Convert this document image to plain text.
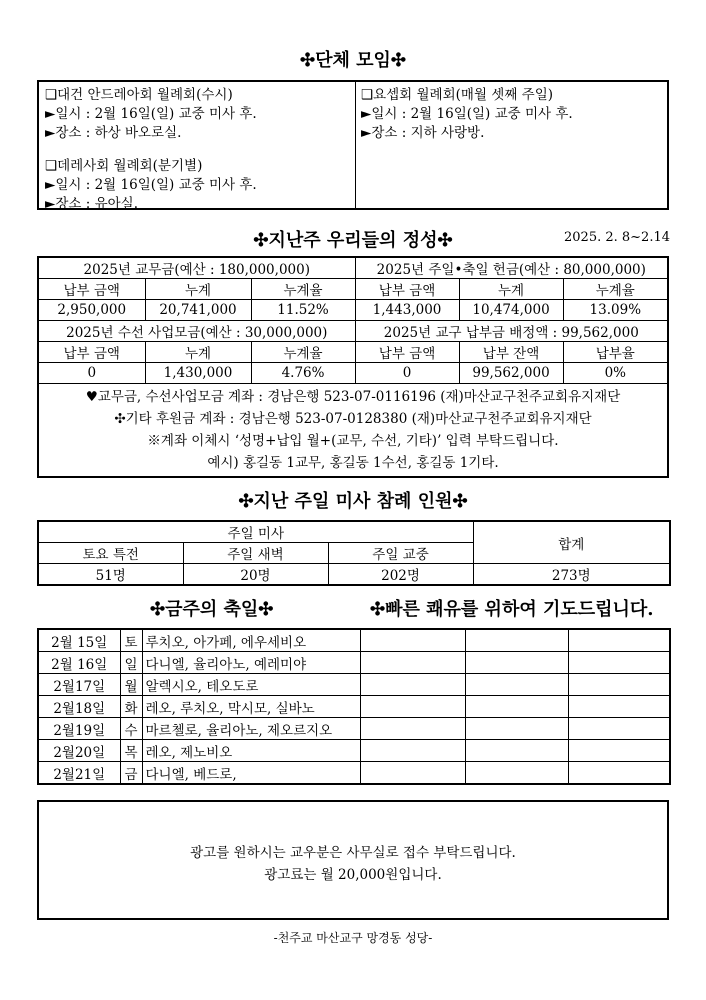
✣단체 모임✣
❑대건 안드레아회 월례회(수시)
►일시 : 2월 16일(일) 교중 미사 후.
►장소 : 하상 바오로실.
❑데레사회 월례회(분기별)
►일시 : 2월 16일(일) 교중 미사 후.
►장소 : 유아실.
❑요셉회 월례회(매월 셋째 주일)
►일시 : 2월 16일(일) 교중 미사 후.
►장소 : 지하 사랑방.
✣지난주 우리들의 정성✣	2025. 2. 8~2.14
2025년 교무금(예산 : 180,000,000)			2025년 주일•축일 헌금(예산 : 80,000,000)		
납부 금액	누계	누계율	납부 금액	누계	누계율
2,950,000	20,741,000	11.52%	1,443,000	10,474,000	13.09%
2025년 수선 사업모금(예산 : 30,000,000)			2025년 교구 납부금 배정액 : 99,562,000		
납부 금액	누계	누계율	납부 금액	납부 잔액	납부율
0	1,430,000	4.76%	0	99,562,000	0%
♥교무금, 수선사업모금 계좌 : 경남은행 523-07-0116196 (재)마산교구천주교회유지재단
✣기타 후원금 계좌 : 경남은행 523-07-0128380 (재)마산교구천주교회유지재단
※계좌 이체시 ‘성명+납입 월+(교무, 수선, 기타)’ 입력 부탁드립니다.
예시) 홍길동 1교무, 홍길동 1수선, 홍길동 1기타.
✣지난 주일 미사 참례 인원✣
주일 미사			합계
토요 특전	주일 새벽	주일 교중	
51명	20명	202명	273명
✣금주의 축일✣	✣빠른 쾌유를 위하여 기도드립니다.
2월 15일	토	루치오, 아가페, 에우세비오			
2월 16일	일	다니엘, 율리아노, 예레미야			
2월17일	월	알렉시오, 테오도로			
2월18일	화	레오, 루치오, 막시모, 실바노			
2월19일	수	마르첼로, 율리아노, 제오르지오			
2월20일	목	레오, 제노비오			
2월21일	금	다니엘, 베드로,			
광고를 원하시는 교우분은 사무실로 접수 부탁드립니다.
광고료는 월 20,000원입니다.
-천주교 마산교구 망경동 성당-
